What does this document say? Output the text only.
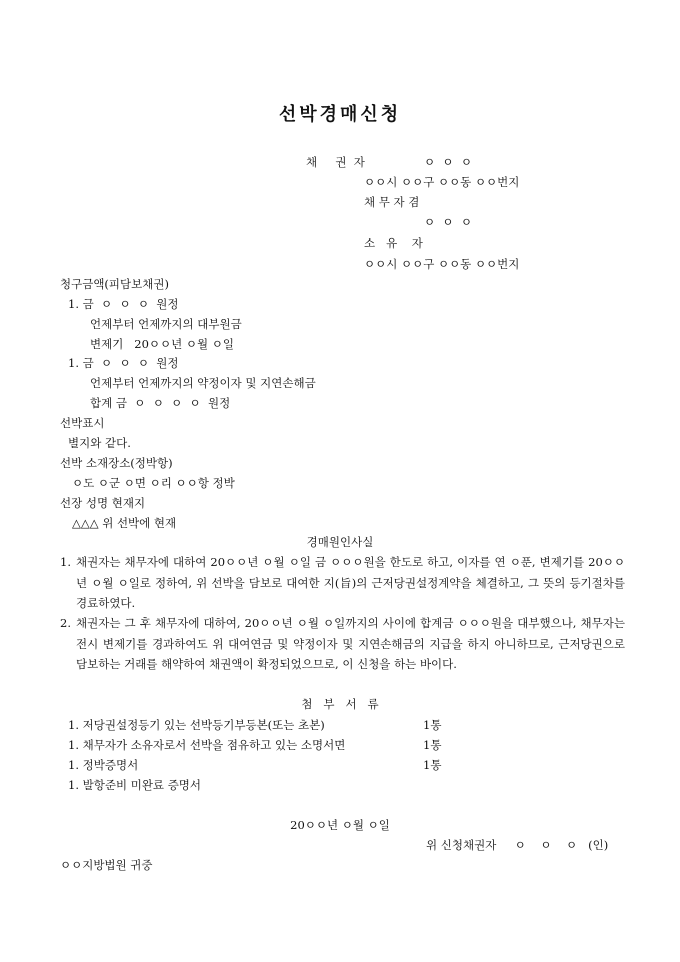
선박경매신청
채     권  자	ㅇ  ㅇ  ㅇ
ㅇㅇ시 ㅇㅇ구 ㅇㅇ동 ㅇㅇ번지
채 무 자 겸
ㅇ  ㅇ  ㅇ
소   유    자
ㅇㅇ시 ㅇㅇ구 ㅇㅇ동 ㅇㅇ번지
청구금액(피담보채권)
1. 금  ㅇ  ㅇ  ㅇ  원정
언제부터 언제까지의 대부원금
변제기   20ㅇㅇ년 ㅇ월 ㅇ일
1. 금  ㅇ  ㅇ  ㅇ  원정
언제부터 언제까지의 약정이자 및 지연손해금
합계 금  ㅇ  ㅇ  ㅇ  ㅇ  원정
선박표시
별지와 같다.
선박 소재장소(정박항)
ㅇ도 ㅇ군 ㅇ면 ㅇ리 ㅇㅇ항 정박
선장 성명 현재지
△△△ 위 선박에 현재
경매원인사실
1. 채권자는 채무자에 대하여 20ㅇㅇ년 ㅇ월 ㅇ일 금 ㅇㅇㅇ원을 한도로 하고, 이자를 연 ㅇ푼, 변제기를 20ㅇㅇ년 ㅇ월 ㅇ일로 정하여, 위 선박을 담보로 대여한 지(旨)의 근저당권설정계약을 체결하고, 그 뜻의 등기절차를 경료하였다.
2. 채권자는 그 후 채무자에 대하여, 20ㅇㅇ년 ㅇ월 ㅇ일까지의 사이에 합계금 ㅇㅇㅇ원을 대부했으나, 채무자는 전시 변제기를 경과하여도 위 대여연금 및 약정이자 및 지연손해금의 지급을 하지 아니하므로, 근저당권으로 담보하는 거래를 해약하여 채권액이 확정되었으므로, 이 신청을 하는 바이다.
첨   부   서   류
1. 저당권설정등기 있는 선박등기부등본(또는 초본)	1통
1. 채무자가 소유자로서 선박을 점유하고 있는 소명서면	1통
1. 정박증명서	1통
1. 발항준비 미완료 증명서
20ㅇㅇ년 ㅇ월 ㅇ일
위 신청채권자     ㅇ    ㅇ    ㅇ   (인)
ㅇㅇ지방법원 귀중
